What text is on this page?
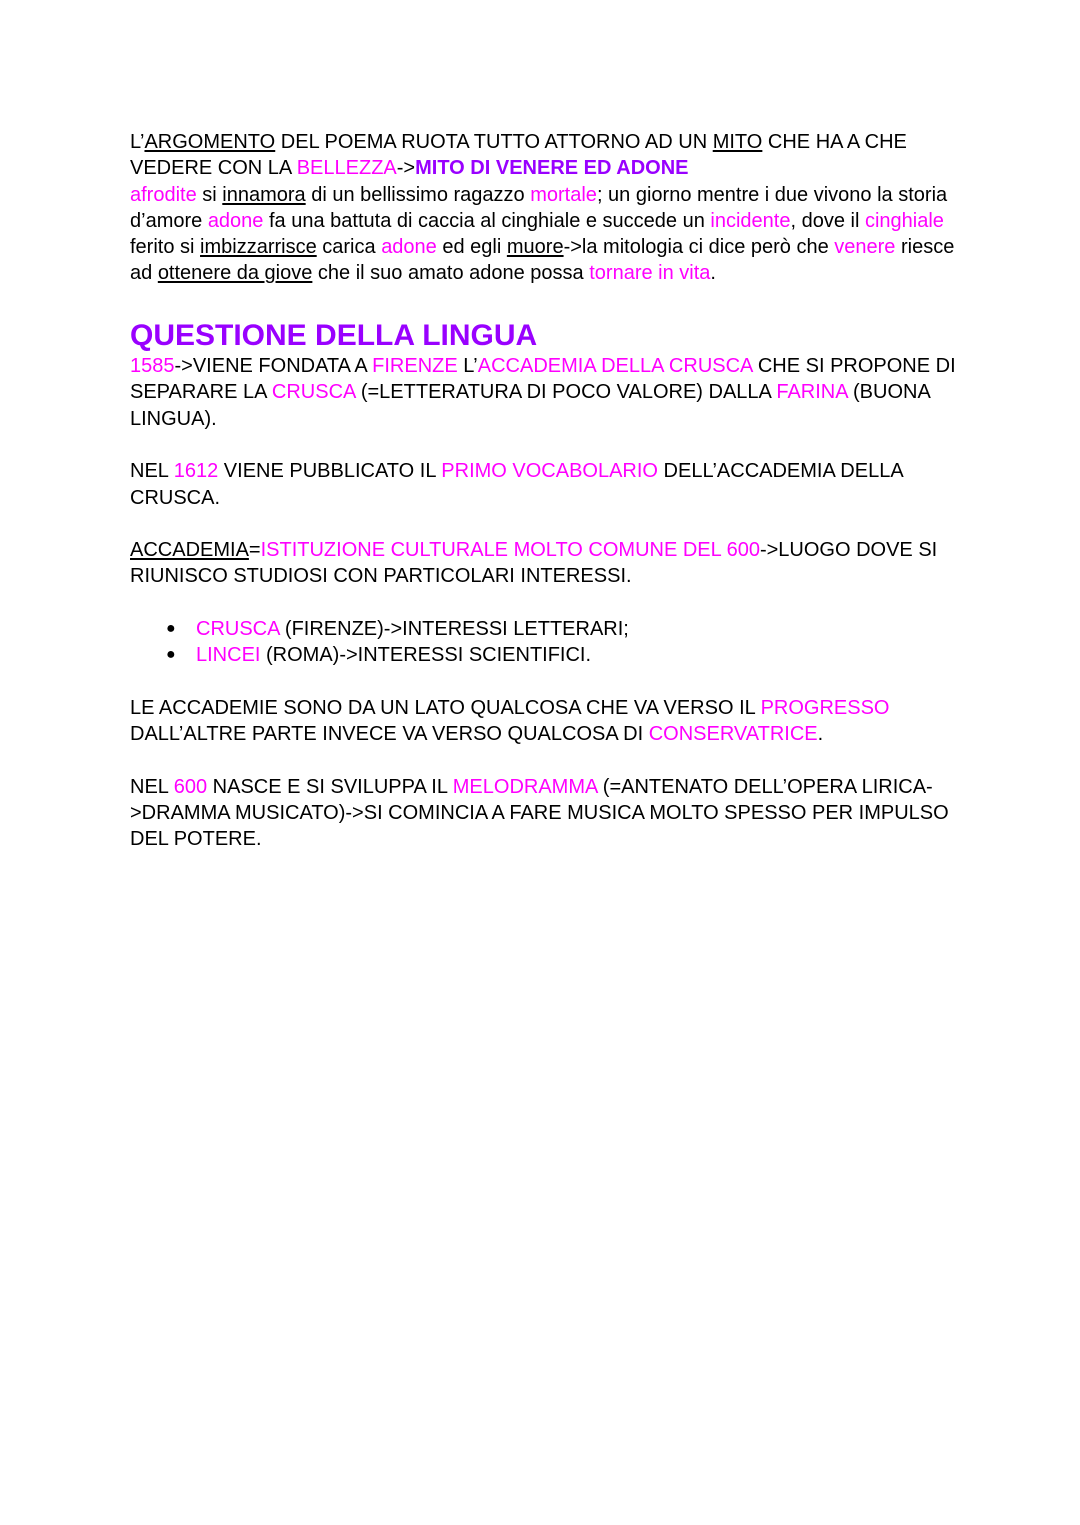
L’ARGOMENTO DEL POEMA RUOTA TUTTO ATTORNO AD UN MITO CHE HA A CHE VEDERE CON LA BELLEZZA->MITO DI VENERE ED ADONE

afrodite si innamora di un bellissimo ragazzo mortale; un giorno mentre i due vivono la storia d’amore adone fa una battuta di caccia al cinghiale e succede un incidente, dove il cinghiale ferito si imbizzarrisce carica adone ed egli muore->la mitologia ci dice però che venere riesce ad ottenere da giove che il suo amato adone possa tornare in vita.

QUESTIONE DELLA LINGUA

1585->VIENE FONDATA A FIRENZE L’ACCADEMIA DELLA CRUSCA CHE SI PROPONE DI SEPARARE LA CRUSCA (=LETTERATURA DI POCO VALORE) DALLA FARINA (BUONA LINGUA).

NEL 1612 VIENE PUBBLICATO IL PRIMO VOCABOLARIO DELL’ACCADEMIA DELLA CRUSCA.

ACCADEMIA=ISTITUZIONE CULTURALE MOLTO COMUNE DEL 600->LUOGO DOVE SI RIUNISCO STUDIOSI CON PARTICOLARI INTERESSI.

● CRUSCA (FIRENZE)->INTERESSI LETTERARI;
● LINCEI (ROMA)->INTERESSI SCIENTIFICI.

LE ACCADEMIE SONO DA UN LATO QUALCOSA CHE VA VERSO IL PROGRESSO DALL’ALTRE PARTE INVECE VA VERSO QUALCOSA DI CONSERVATRICE.

NEL 600 NASCE E SI SVILUPPA IL MELODRAMMA (=ANTENATO DELL’OPERA LIRICA->DRAMMA MUSICATO)->SI COMINCIA A FARE MUSICA MOLTO SPESSO PER IMPULSO DEL POTERE.
